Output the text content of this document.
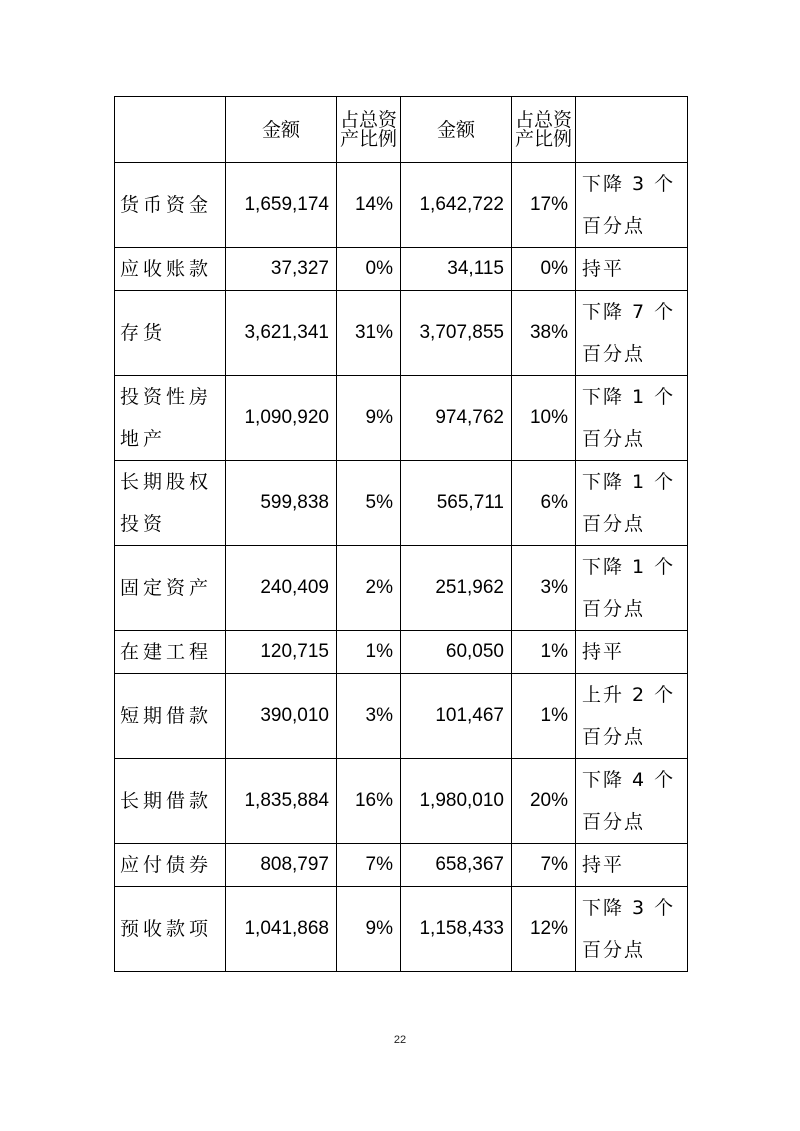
	金额	占总资产比例	金额	占总资产比例	
货币资金	1,659,174	14%	1,642,722	17%	下降 3 个百分点
应收账款	37,327	0%	34,115	0%	持平
存货	3,621,341	31%	3,707,855	38%	下降 7 个百分点
投资性房地产	1,090,920	9%	974,762	10%	下降 1 个百分点
长期股权投资	599,838	5%	565,711	6%	下降 1 个百分点
固定资产	240,409	2%	251,962	3%	下降 1 个百分点
在建工程	120,715	1%	60,050	1%	持平
短期借款	390,010	3%	101,467	1%	上升 2 个百分点
长期借款	1,835,884	16%	1,980,010	20%	下降 4 个百分点
应付债券	808,797	7%	658,367	7%	持平
预收款项	1,041,868	9%	1,158,433	12%	下降 3 个百分点
22
